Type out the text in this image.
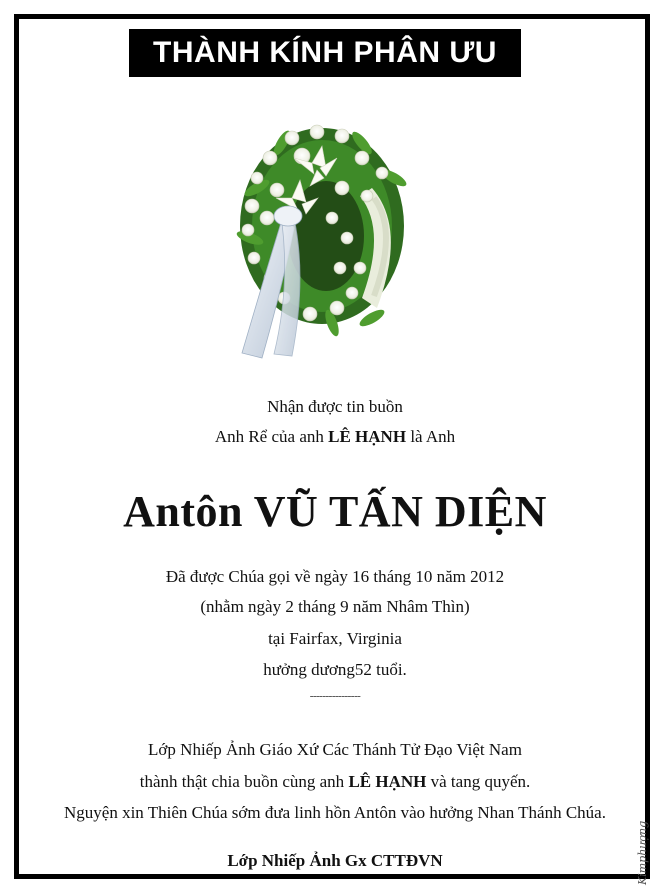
THÀNH KÍNH PHÂN ƯU
Nhận được tin buồn
Anh Rể của anh LÊ HẠNH là Anh
Antôn VŨ TẤN DIỆN
Đã được Chúa gọi về ngày 16 tháng 10 năm 2012
(nhằm ngày 2 tháng 9 năm Nhâm Thìn)
tại Fairfax, Virginia
hưởng dương52 tuổi.
----------------
Lớp Nhiếp Ảnh Giáo Xứ Các Thánh Tử Đạo Việt Nam
thành thật chia buồn cùng anh LÊ HẠNH và tang quyến.
Nguyện xin Thiên Chúa sớm đưa linh hồn Antôn vào hưởng Nhan Thánh Chúa.
Lớp Nhiếp Ảnh Gx CTTĐVN	Kimphượng
